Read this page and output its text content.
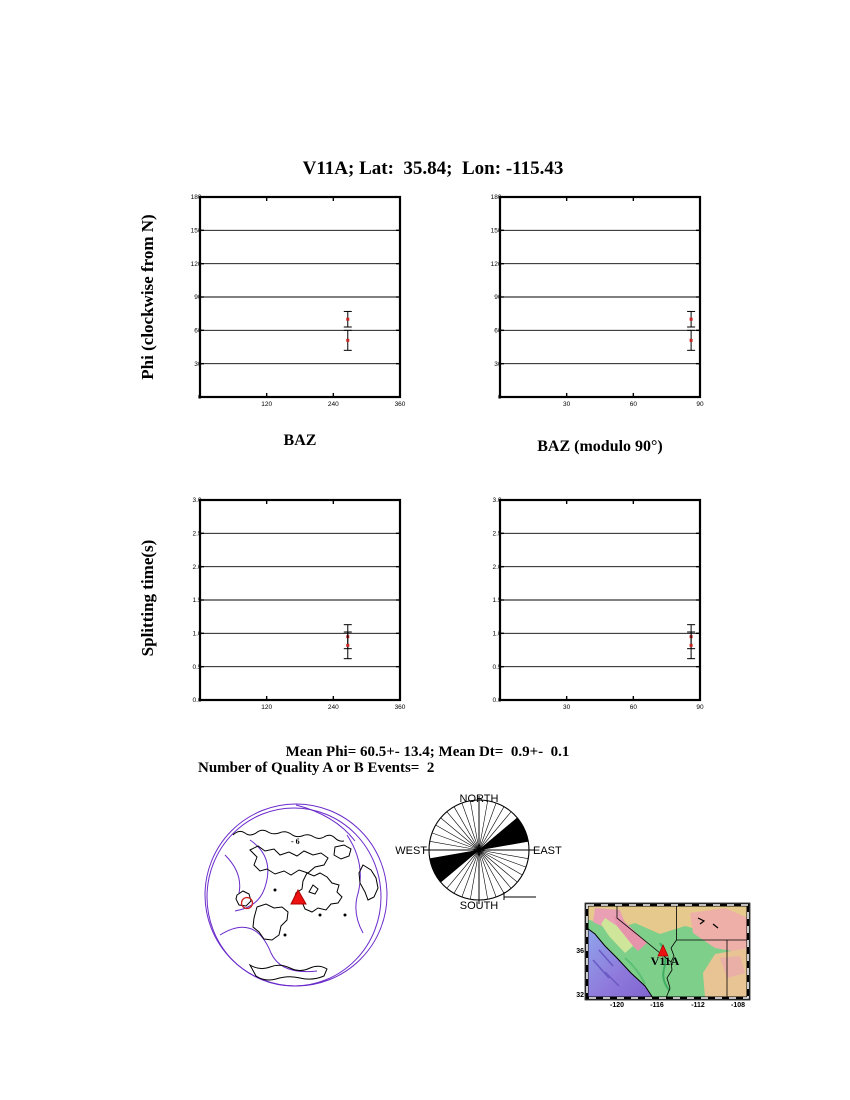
V11A; Lat:  35.84;  Lon: -115.43
Phi (clockwise from N)
Splitting time(s)
0
30
60
90
120
150
180
120	240	360
0
30
60
90
120
150
180
30	60	90
0.0
0.5
1.0
1.5
2.0
2.5
3.0
120	240	360
0.0
0.5
1.0
1.5
2.0
2.5
3.0
30	60	90
BAZ	BAZ (modulo 90°)
Mean Phi= 60.5+- 13.4; Mean Dt=  0.9+-  0.1
Number of Quality A or B Events=  2
- 6
NORTH
SOUTH
WEST	EAST
V11A
-120	-116	-112	-108
36
32
